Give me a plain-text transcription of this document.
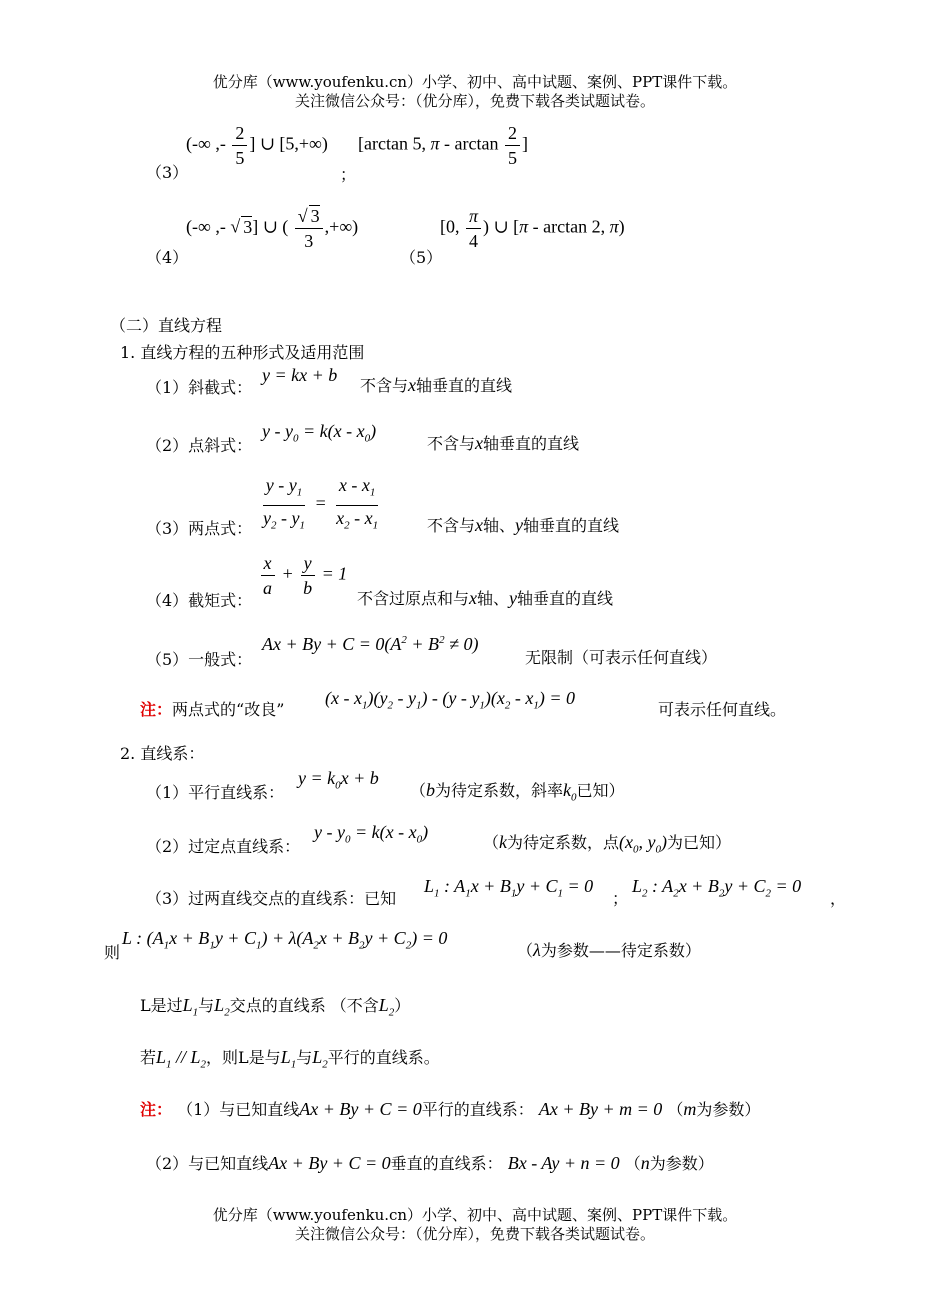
优分库（www.youfenku.cn）小学、初中、高中试题、案例、PPT课件下载。
关注微信公众号：（优分库），免费下载各类试题试卷。
（3）
(-∞ ,- $\frac{2}{5}$ ] ∪ [5,+∞)
；
[arctan 5, π - $\arctan \frac{2}{5}$ ]
（4）
(-∞ ,- √ 3] ∪ ( $\frac{√ 3}{3}$ ,+∞)
（5）
[0, $\frac{\pi}{4}$ ) ∪ [π - arctan 2, π)
（二）直线方程
1. 直线方程的五种形式及适用范围
（1）斜截式：
y = kx + b
不含与x轴垂直的直线
（2）点斜式：
$y - y_0 = k(x - x_0)$
不含与x轴垂直的直线
（3）两点式： $\frac{y - y_1}{y_2 - y_1} = \frac{x - x_1}{x_2 - x_1}$	不含与x轴、y轴垂直的直线
（4）截矩式：
$\frac{x}{a} + \frac{y}{b} = 1$
不含过原点和与x轴、y轴垂直的直线
（5）一般式：
$Ax + By + C = 0(A^2 + B^2 \ne 0)$
无限制（可表示任何直线）
注：两点式的“改良”
$(x - x_1)(y_2 - y_1) - (y - y_1)(x_2 - x_1) = 0$
可表示任何直线。
2. 直线系：
（1）平行直线系：
$y = k_0x + b$
（b为待定系数，斜率$k_0$已知）
（2）过定点直线系：
$y - y_0 = k(x - x_0)$
（k为待定系数，点($x_0$, $y_0$)为已知）
（3）过两直线交点的直线系：已知
$L_1$ : $A_1x + B_1y + C_1 = 0$
；
$L_2$ : $A_2x + B_2y + C_2 = 0$
，
则
L : $(A_1x + B_1y + C_1) + \lambda(A_2x + B_2y + C_2) = 0$
（λ为参数——待定系数）
L是过$L_1$与$L_2$交点的直线系 （不含$L_2$）
若$L_1 // L_2$，则L是与$L_1$与$L_2$平行的直线系。
注： （1）与已知直线Ax + By + C = 0平行的直线系： Ax + By + m = 0 （m为参数）
（2）与已知直线Ax + By + C = 0垂直的直线系： Bx - Ay + n = 0 （n为参数）
优分库（www.youfenku.cn）小学、初中、高中试题、案例、PPT课件下载。
关注微信公众号：（优分库），免费下载各类试题试卷。
